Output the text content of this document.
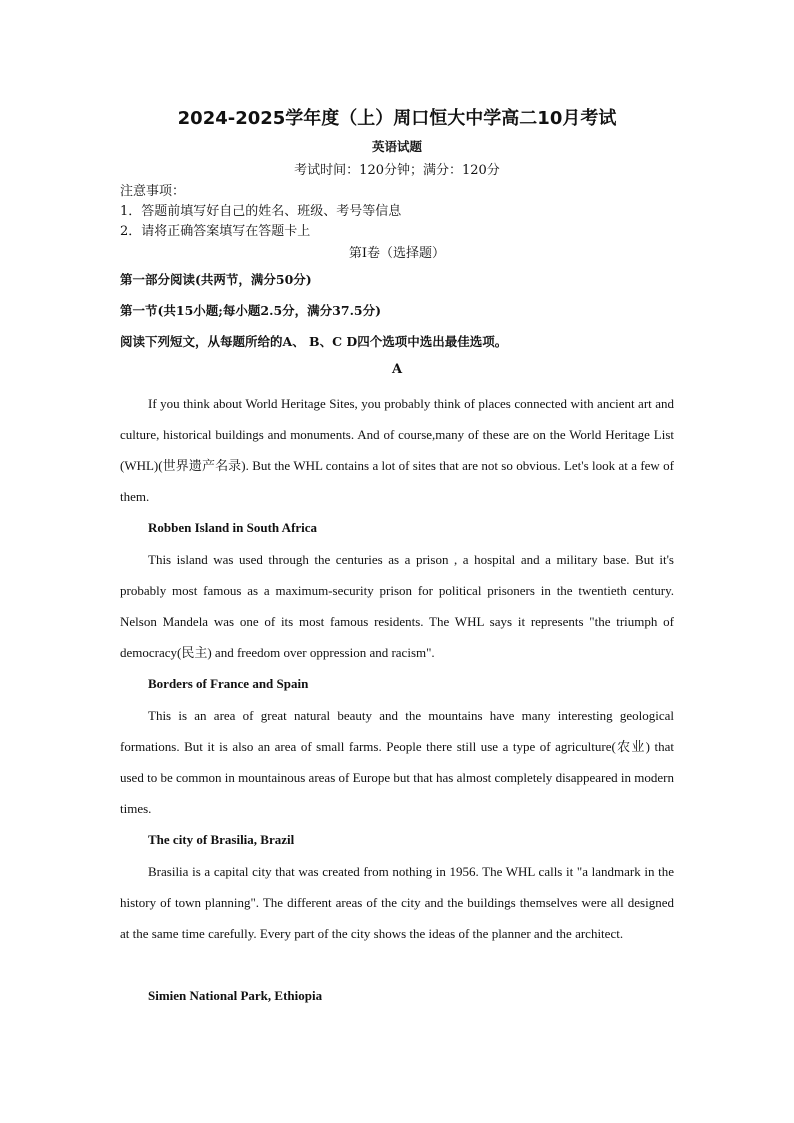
2024-2025学年度（上）周口恒大中学高二10月考试
英语试题
考试时间：120分钟；满分：120分
注意事项：
1．答题前填写好自己的姓名、班级、考号等信息
2．请将正确答案填写在答题卡上
第I卷（选择题）
第一部分阅读(共两节，满分50分)
第一节(共15小题;每小题2.5分，满分37.5分)
阅读下列短文，从每题所给的A、 B、C D四个选项中选出最佳选项。
A
If you think about World Heritage Sites, you probably think of places connected with ancient art and culture, historical buildings and monuments. And of course,many of these are on the World Heritage List (WHL)(世界遗产名录). But the WHL contains a lot of sites that are not so obvious. Let's look at a few of them.
Robben Island in South Africa
This island was used through the centuries as a prison , a hospital and a military base. But it's probably most famous as a maximum-security prison for political prisoners in the twentieth century. Nelson Mandela was one of its most famous residents. The WHL says it represents "the triumph of democracy(民主) and freedom over oppression and racism".
Borders of France and Spain
This is an area of great natural beauty and the mountains have many interesting geological formations. But it is also an area of small farms. People there still use a type of agriculture(农业) that used to be common in mountainous areas of Europe but that has almost completely disappeared in modern times.
The city of Brasilia, Brazil
Brasilia is a capital city that was created from nothing in 1956. The WHL calls it "a landmark in the history of town planning". The different areas of the city and the buildings themselves were all designed at the same time carefully. Every part of the city shows the ideas of the planner and the architect.
Simien National Park, Ethiopia
